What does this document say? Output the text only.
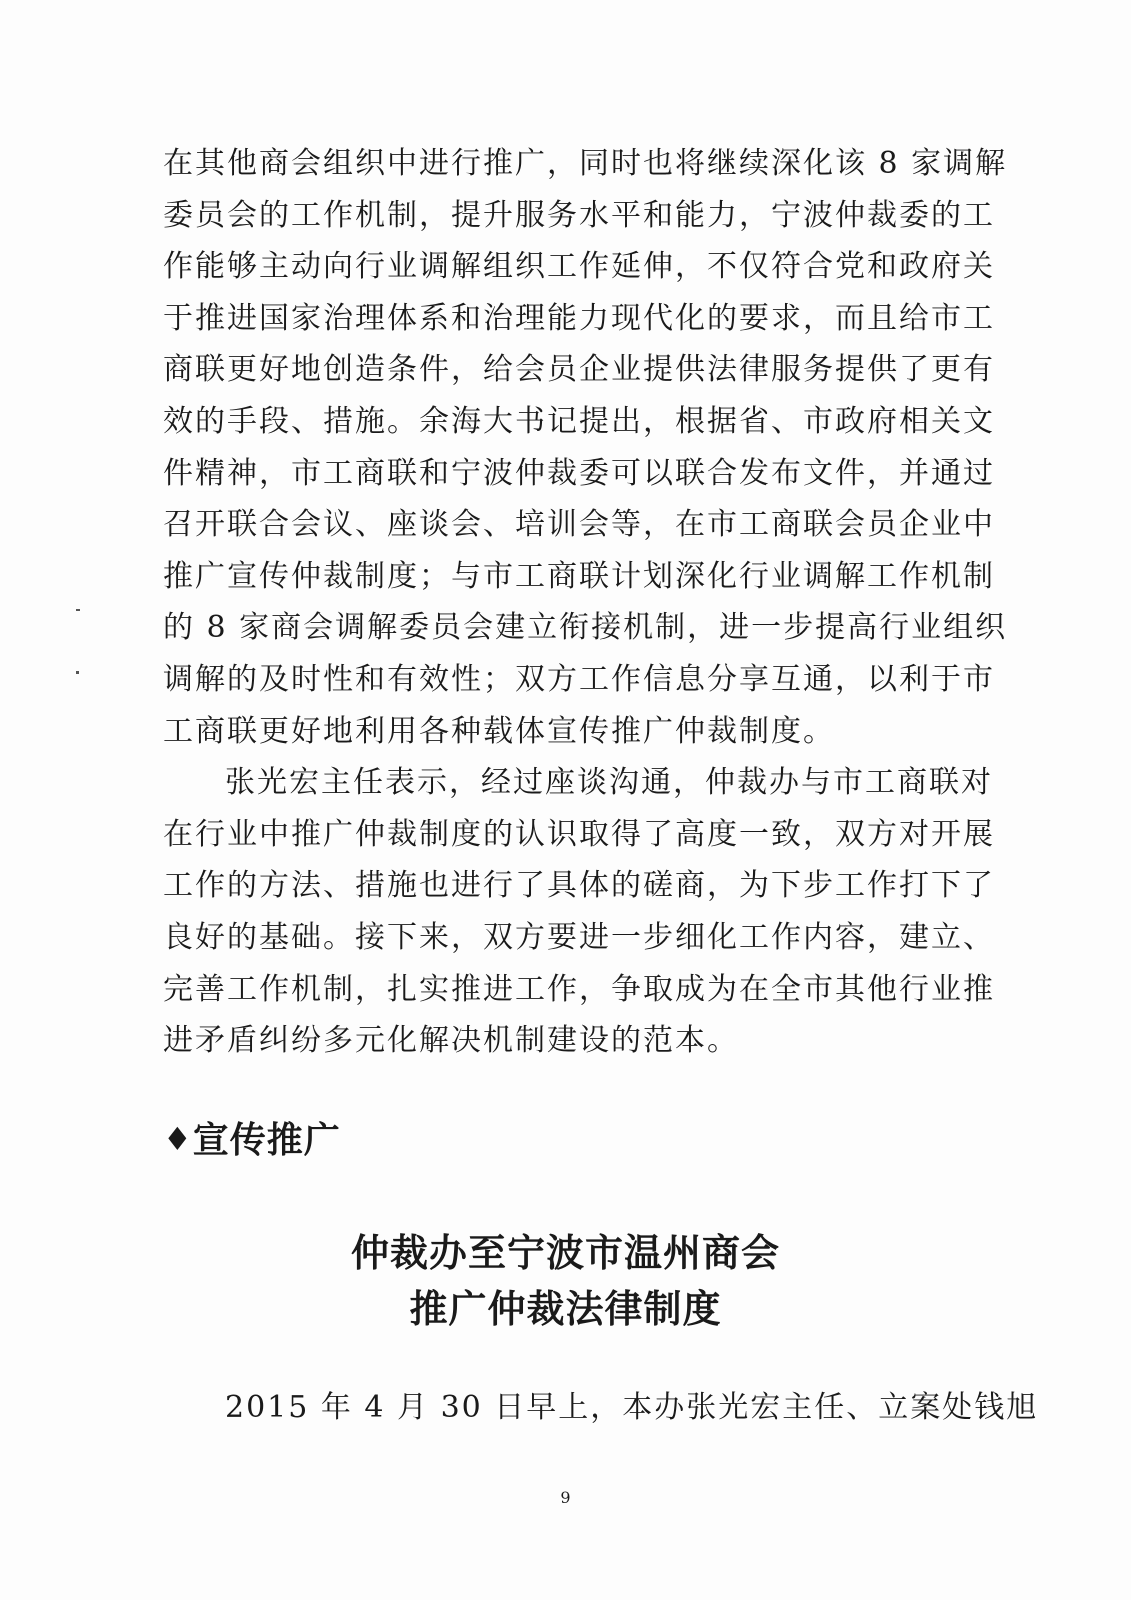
在其他商会组织中进行推广，同时也将继续深化该 8 家调解
委员会的工作机制，提升服务水平和能力，宁波仲裁委的工
作能够主动向行业调解组织工作延伸，不仅符合党和政府关
于推进国家治理体系和治理能力现代化的要求，而且给市工
商联更好地创造条件，给会员企业提供法律服务提供了更有
效的手段、措施。余海大书记提出，根据省、市政府相关文
件精神，市工商联和宁波仲裁委可以联合发布文件，并通过
召开联合会议、座谈会、培训会等，在市工商联会员企业中
推广宣传仲裁制度；与市工商联计划深化行业调解工作机制
的 8 家商会调解委员会建立衔接机制，进一步提高行业组织
调解的及时性和有效性；双方工作信息分享互通，以利于市
工商联更好地利用各种载体宣传推广仲裁制度。
张光宏主任表示，经过座谈沟通，仲裁办与市工商联对
在行业中推广仲裁制度的认识取得了高度一致，双方对开展
工作的方法、措施也进行了具体的磋商，为下步工作打下了
良好的基础。接下来，双方要进一步细化工作内容，建立、
完善工作机制，扎实推进工作，争取成为在全市其他行业推
进矛盾纠纷多元化解决机制建设的范本。
♦宣传推广
仲裁办至宁波市温州商会
推广仲裁法律制度
2015 年 4 月 30 日早上，本办张光宏主任、立案处钱旭
9
